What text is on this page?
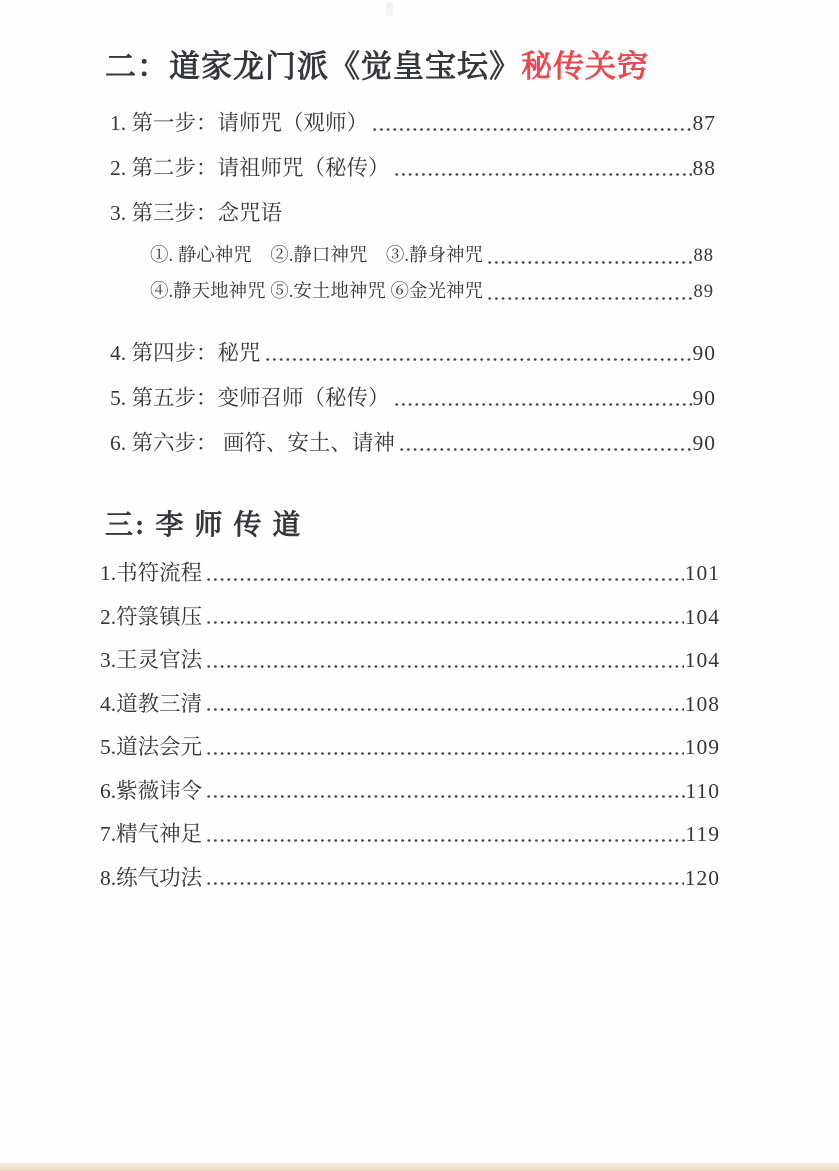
二：道家龙门派《觉皇宝坛》秘传关窍
1. 第一步：请师咒（观师）	87
2. 第二步：请祖师咒（秘传）	88
3. 第三步：念咒语
①. 静心神咒　②.静口神咒　③.静身神咒	88
④.静天地神咒 ⑤.安土地神咒 ⑥金光神咒	89
4. 第四步：秘咒	90
5. 第五步：变师召师（秘传）	90
6. 第六步： 画符、安土、请神	90
三: 李 师 传 道
1.书符流程	101
2.符箓镇压	104
3.王灵官法	104
4.道教三清	108
5.道法会元	109
6.紫薇讳令	110
7.精气神足	119
8.练气功法	120
